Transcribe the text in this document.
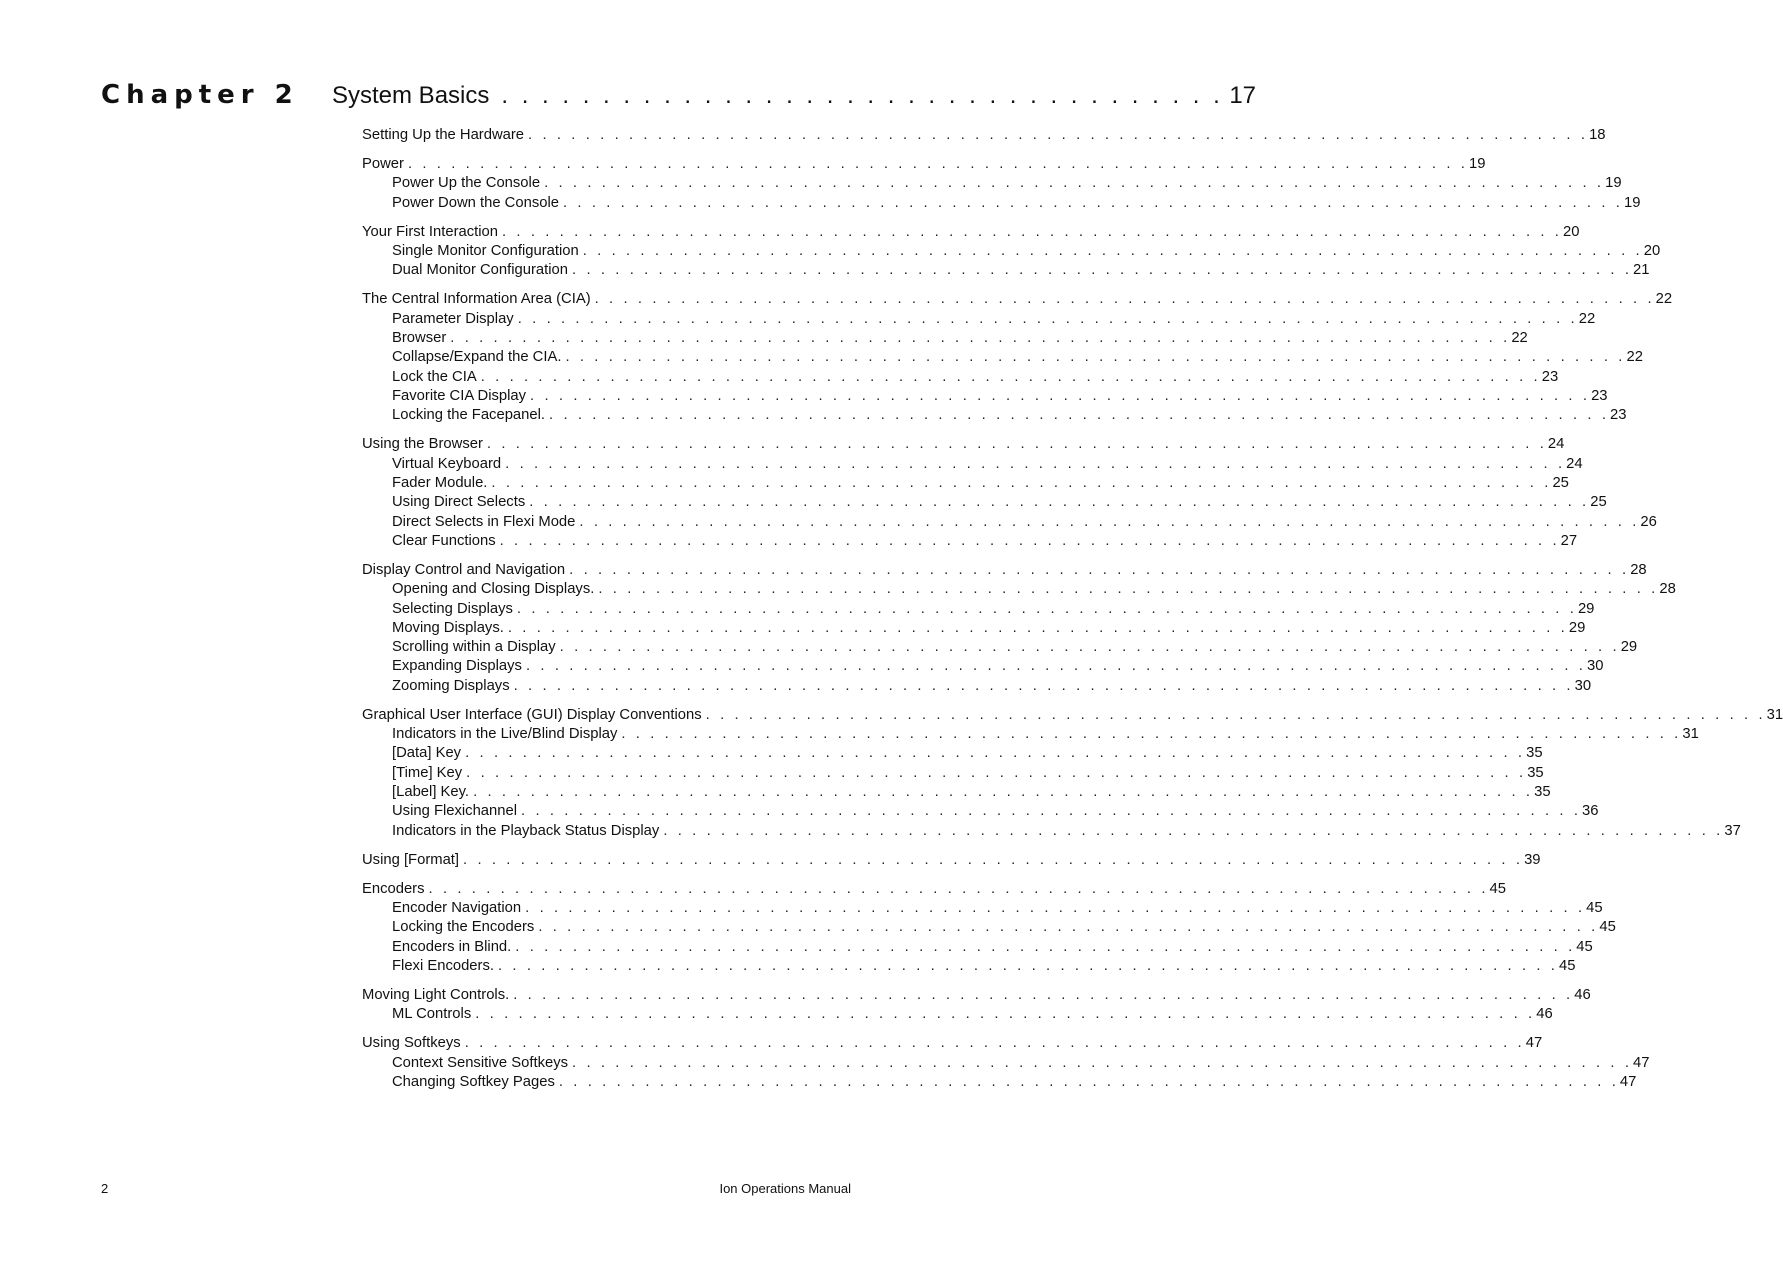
Chapter 2 System Basics . . . . . . . . . . . . . . . . . . . . . . . . . . . . . . . . . . . . 17
Setting Up the Hardware . . . . . . . . . . . . . . . . . . . . . . . . . . . . . . . . . . . . . . . . . . . . . . . . . . . . . . . . . . . . . . . . . . . . . . . . . . 18
Power . . . . . . . . . . . . . . . . . . . . . . . . . . . . . . . . . . . . . . . . . . . . . . . . . . . . . . . . . . . . . . . . . . . . . . . . . . 19
Power Up the Console . . . . . . . . . . . . . . . . . . . . . . . . . . . . . . . . . . . . . . . . . . . . . . . . . . . . . . . . . . . . . . . . . . . . . . . . . . 19
Power Down the Console . . . . . . . . . . . . . . . . . . . . . . . . . . . . . . . . . . . . . . . . . . . . . . . . . . . . . . . . . . . . . . . . . . . . . . . . . . 19
Your First Interaction . . . . . . . . . . . . . . . . . . . . . . . . . . . . . . . . . . . . . . . . . . . . . . . . . . . . . . . . . . . . . . . . . . . . . . . . . . 20
Single Monitor Configuration . . . . . . . . . . . . . . . . . . . . . . . . . . . . . . . . . . . . . . . . . . . . . . . . . . . . . . . . . . . . . . . . . . . . . . . . . . 20
Dual Monitor Configuration . . . . . . . . . . . . . . . . . . . . . . . . . . . . . . . . . . . . . . . . . . . . . . . . . . . . . . . . . . . . . . . . . . . . . . . . . . 21
The Central Information Area (CIA) . . . . . . . . . . . . . . . . . . . . . . . . . . . . . . . . . . . . . . . . . . . . . . . . . . . . . . . . . . . . . . . . . . . . . . . . . . 22
Parameter Display . . . . . . . . . . . . . . . . . . . . . . . . . . . . . . . . . . . . . . . . . . . . . . . . . . . . . . . . . . . . . . . . . . . . . . . . . . 22
Browser . . . . . . . . . . . . . . . . . . . . . . . . . . . . . . . . . . . . . . . . . . . . . . . . . . . . . . . . . . . . . . . . . . . . . . . . . . 22
Collapse/Expand the CIA. . . . . . . . . . . . . . . . . . . . . . . . . . . . . . . . . . . . . . . . . . . . . . . . . . . . . . . . . . . . . . . . . . . . . . . . . . . 22
Lock the CIA . . . . . . . . . . . . . . . . . . . . . . . . . . . . . . . . . . . . . . . . . . . . . . . . . . . . . . . . . . . . . . . . . . . . . . . . . . 23
Favorite CIA Display . . . . . . . . . . . . . . . . . . . . . . . . . . . . . . . . . . . . . . . . . . . . . . . . . . . . . . . . . . . . . . . . . . . . . . . . . . 23
Locking the Facepanel. . . . . . . . . . . . . . . . . . . . . . . . . . . . . . . . . . . . . . . . . . . . . . . . . . . . . . . . . . . . . . . . . . . . . . . . . . . 23
Using the Browser . . . . . . . . . . . . . . . . . . . . . . . . . . . . . . . . . . . . . . . . . . . . . . . . . . . . . . . . . . . . . . . . . . . . . . . . . . 24
Virtual Keyboard . . . . . . . . . . . . . . . . . . . . . . . . . . . . . . . . . . . . . . . . . . . . . . . . . . . . . . . . . . . . . . . . . . . . . . . . . . 24
Fader Module. . . . . . . . . . . . . . . . . . . . . . . . . . . . . . . . . . . . . . . . . . . . . . . . . . . . . . . . . . . . . . . . . . . . . . . . . . . 25
Using Direct Selects . . . . . . . . . . . . . . . . . . . . . . . . . . . . . . . . . . . . . . . . . . . . . . . . . . . . . . . . . . . . . . . . . . . . . . . . . . 25
Direct Selects in Flexi Mode . . . . . . . . . . . . . . . . . . . . . . . . . . . . . . . . . . . . . . . . . . . . . . . . . . . . . . . . . . . . . . . . . . . . . . . . . . 26
Clear Functions . . . . . . . . . . . . . . . . . . . . . . . . . . . . . . . . . . . . . . . . . . . . . . . . . . . . . . . . . . . . . . . . . . . . . . . . . . 27
Display Control and Navigation . . . . . . . . . . . . . . . . . . . . . . . . . . . . . . . . . . . . . . . . . . . . . . . . . . . . . . . . . . . . . . . . . . . . . . . . . . 28
Opening and Closing Displays. . . . . . . . . . . . . . . . . . . . . . . . . . . . . . . . . . . . . . . . . . . . . . . . . . . . . . . . . . . . . . . . . . . . . . . . . . . 28
Selecting Displays . . . . . . . . . . . . . . . . . . . . . . . . . . . . . . . . . . . . . . . . . . . . . . . . . . . . . . . . . . . . . . . . . . . . . . . . . . 29
Moving Displays. . . . . . . . . . . . . . . . . . . . . . . . . . . . . . . . . . . . . . . . . . . . . . . . . . . . . . . . . . . . . . . . . . . . . . . . . . . 29
Scrolling within a Display . . . . . . . . . . . . . . . . . . . . . . . . . . . . . . . . . . . . . . . . . . . . . . . . . . . . . . . . . . . . . . . . . . . . . . . . . . 29
Expanding Displays . . . . . . . . . . . . . . . . . . . . . . . . . . . . . . . . . . . . . . . . . . . . . . . . . . . . . . . . . . . . . . . . . . . . . . . . . . 30
Zooming Displays . . . . . . . . . . . . . . . . . . . . . . . . . . . . . . . . . . . . . . . . . . . . . . . . . . . . . . . . . . . . . . . . . . . . . . . . . . 30
Graphical User Interface (GUI) Display Conventions . . . . . . . . . . . . . . . . . . . . . . . . . . . . . . . . . . . . . . . . . . . . . . . . . . . . . . . . . . . . . . . . . . . . . . . . . . 31
Indicators in the Live/Blind Display . . . . . . . . . . . . . . . . . . . . . . . . . . . . . . . . . . . . . . . . . . . . . . . . . . . . . . . . . . . . . . . . . . . . . . . . . . 31
[Data] Key . . . . . . . . . . . . . . . . . . . . . . . . . . . . . . . . . . . . . . . . . . . . . . . . . . . . . . . . . . . . . . . . . . . . . . . . . . 35
[Time] Key . . . . . . . . . . . . . . . . . . . . . . . . . . . . . . . . . . . . . . . . . . . . . . . . . . . . . . . . . . . . . . . . . . . . . . . . . . 35
[Label] Key. . . . . . . . . . . . . . . . . . . . . . . . . . . . . . . . . . . . . . . . . . . . . . . . . . . . . . . . . . . . . . . . . . . . . . . . . . . 35
Using Flexichannel . . . . . . . . . . . . . . . . . . . . . . . . . . . . . . . . . . . . . . . . . . . . . . . . . . . . . . . . . . . . . . . . . . . . . . . . . . 36
Indicators in the Playback Status Display . . . . . . . . . . . . . . . . . . . . . . . . . . . . . . . . . . . . . . . . . . . . . . . . . . . . . . . . . . . . . . . . . . . . . . . . . . 37
Using [Format] . . . . . . . . . . . . . . . . . . . . . . . . . . . . . . . . . . . . . . . . . . . . . . . . . . . . . . . . . . . . . . . . . . . . . . . . . . 39
Encoders . . . . . . . . . . . . . . . . . . . . . . . . . . . . . . . . . . . . . . . . . . . . . . . . . . . . . . . . . . . . . . . . . . . . . . . . . . 45
Encoder Navigation . . . . . . . . . . . . . . . . . . . . . . . . . . . . . . . . . . . . . . . . . . . . . . . . . . . . . . . . . . . . . . . . . . . . . . . . . . 45
Locking the Encoders . . . . . . . . . . . . . . . . . . . . . . . . . . . . . . . . . . . . . . . . . . . . . . . . . . . . . . . . . . . . . . . . . . . . . . . . . . 45
Encoders in Blind. . . . . . . . . . . . . . . . . . . . . . . . . . . . . . . . . . . . . . . . . . . . . . . . . . . . . . . . . . . . . . . . . . . . . . . . . . . 45
Flexi Encoders. . . . . . . . . . . . . . . . . . . . . . . . . . . . . . . . . . . . . . . . . . . . . . . . . . . . . . . . . . . . . . . . . . . . . . . . . . . 45
Moving Light Controls. . . . . . . . . . . . . . . . . . . . . . . . . . . . . . . . . . . . . . . . . . . . . . . . . . . . . . . . . . . . . . . . . . . . . . . . . . . 46
ML Controls . . . . . . . . . . . . . . . . . . . . . . . . . . . . . . . . . . . . . . . . . . . . . . . . . . . . . . . . . . . . . . . . . . . . . . . . . . 46
Using Softkeys . . . . . . . . . . . . . . . . . . . . . . . . . . . . . . . . . . . . . . . . . . . . . . . . . . . . . . . . . . . . . . . . . . . . . . . . . . 47
Context Sensitive Softkeys . . . . . . . . . . . . . . . . . . . . . . . . . . . . . . . . . . . . . . . . . . . . . . . . . . . . . . . . . . . . . . . . . . . . . . . . . . 47
Changing Softkey Pages . . . . . . . . . . . . . . . . . . . . . . . . . . . . . . . . . . . . . . . . . . . . . . . . . . . . . . . . . . . . . . . . . . . . . . . . . . 47
2	Ion Operations Manual
